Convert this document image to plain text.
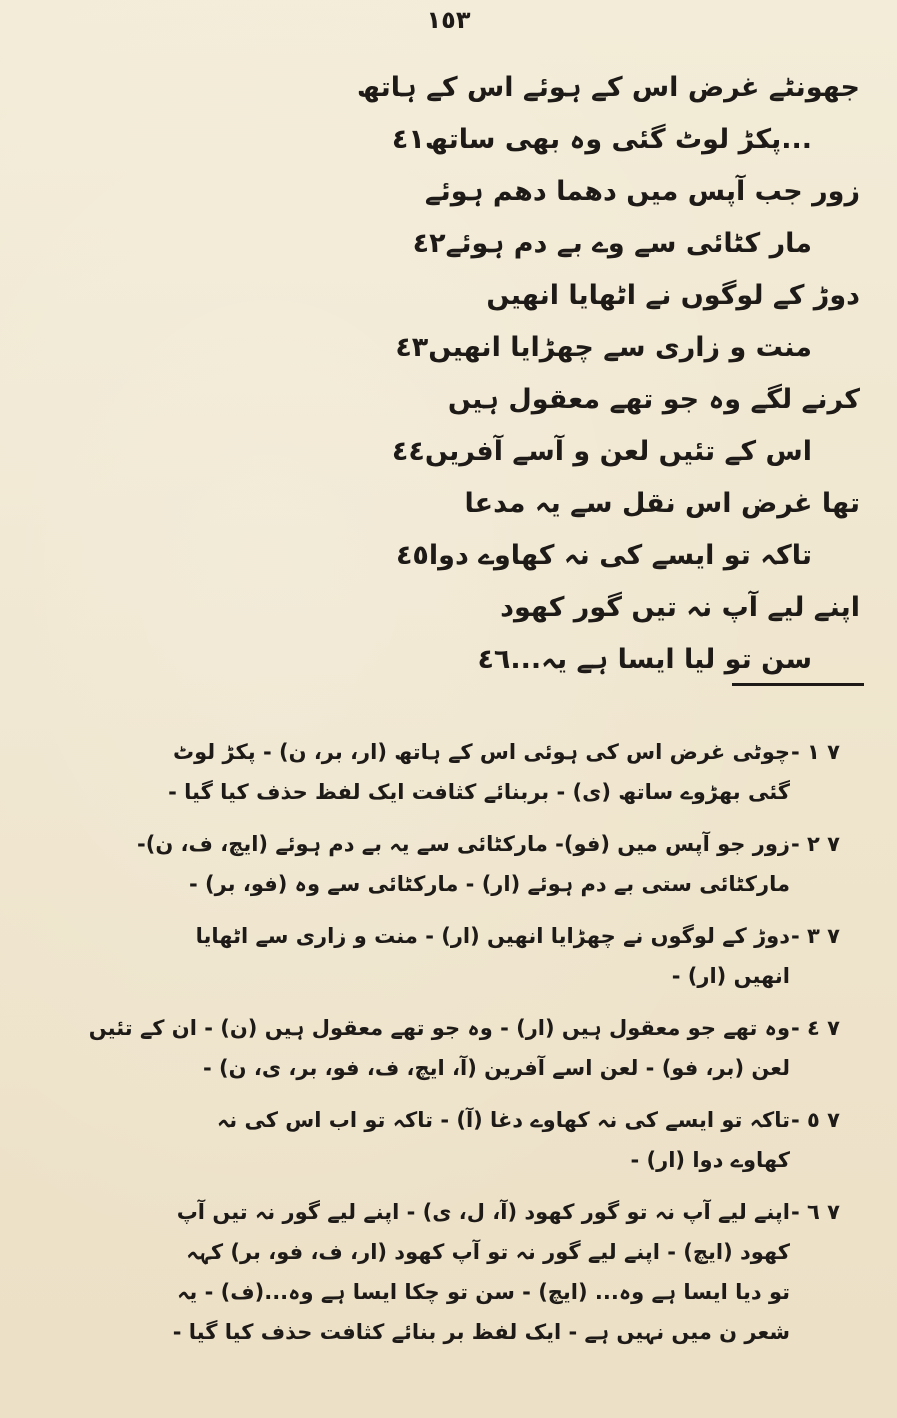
١٥٣
جھونٹے غرض اس کے ہوئے اس کے ہاتھ
...پکڑ لوٹ گئی وہ بھی ساتھ٤١
زور جب آپس میں دھما دھم ہوئے
مار کٹائی سے وے بے دم ہوئے٤٢
دوڑ کے لوگوں نے اٹھایا انھیں
منت و زاری سے چھڑایا انھیں٤٣
کرنے لگے وہ جو تھے معقول ہیں
اس کے تئیں لعن و آسے آفریں٤٤
تھا غرض اس نقل سے یہ مدعا
تاکہ تو ایسے کی نہ کھاوے دوا٤٥
اپنے لیے آپ نہ تیں گور کھود
سن تو لیا ایسا ہے یہ...٤٦
٧ ١ -
چوٹی غرض اس کی ہوئی اس کے ہاتھ (ار، بر، ن) - پکڑ لوٹ
گئی بھڑوے ساتھ (ی) - بربنائے کثافت ایک لفظ حذف کیا گیا -
٧ ٢ -
زور جو آپس میں (فو)- مارکٹائی سے یہ بے دم ہوئے (ایچ، ف، ن)-
مارکٹائی ستی بے دم ہوئے (ار) - مارکٹائی سے وہ (فو، بر) -
٧ ٣ -
دوڑ کے لوگوں نے چھڑایا انھیں (ار) - منت و زاری سے اٹھایا
انھیں (ار) -
٧ ٤ -
وہ تھے جو معقول ہیں (ار) - وہ جو تھے معقول ہیں (ن) - ان کے تئیں
لعن (بر، فو) - لعن اسے آفرین (آ، ایچ، ف، فو، بر، ی، ن) -
٧ ٥ -
تاکہ تو ایسے کی نہ کھاوے دغا (آ) - تاکہ تو اب اس کی نہ
کھاوے دوا (ار) -
٧ ٦ -
اپنے لیے آپ نہ تو گور کھود (آ، ل، ی) - اپنے لیے گور نہ تیں آپ
کھود (ایچ) - اپنے لیے گور نہ تو آپ کھود (ار، ف، فو، بر) کہہ
تو دیا ایسا ہے وہ... (ایچ) - سن تو چکا ایسا ہے وہ...(ف) - یہ
شعر ن میں نہیں ہے - ایک لفظ بر بنائے کثافت حذف کیا گیا -
